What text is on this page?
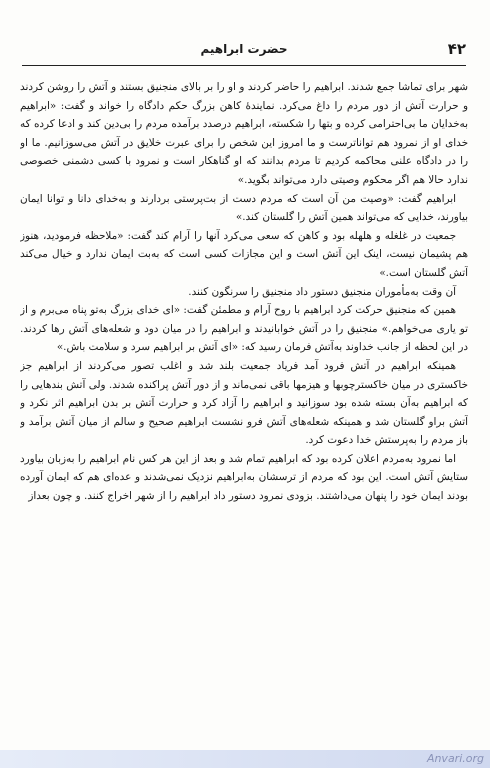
۴۲
حضرت ابراهیم

شهر برای تماشا جمع شدند. ابراهیم را حاضر کردند و او را بر بالای منجنیق بستند و آتش را روشن کردند و حرارت آتش از دور مردم را داغ می‌کرد. نمایندهٔ کاهن بزرگ حکم دادگاه را خواند و گفت: «ابراهیم به‌خدایان ما بی‌احترامی کرده و بتها را شکسته، ابراهیم درصدد برآمده مردم را بی‌دین کند و ادعا کرده که خدای او از نمرود هم تواناترست و ما امروز این شخص را برای عبرت خلایق در آتش می‌سوزانیم. ما او را در دادگاه علنی محاکمه کردیم تا مردم بدانند که او گناهکار است و نمرود با کسی دشمنی خصوصی ندارد حالا هم اگر محکوم وصیتی دارد می‌تواند بگوید.»

ابراهیم گفت: «وصیت من آن است که مردم دست از بت‌پرستی بردارند و به‌خدای دانا و توانا ایمان بیاورند، خدایی که می‌تواند همین آتش را گلستان کند.»

جمعیت در غلغله و هلهله بود و کاهن که سعی می‌کرد آنها را آرام کند گفت: «ملاحظه فرمودید، هنوز هم پشیمان نیست، اینک این آتش است و این مجازات کسی است که به‌بت ایمان ندارد و خیال می‌کند آتش گلستان است.»

آن وقت به‌مأموران منجنیق دستور داد منجنیق را سرنگون کنند.

همین که منجنیق حرکت کرد ابراهیم با روح آرام و مطمئن گفت: «ای خدای بزرگ به‌تو پناه می‌برم و از تو یاری می‌خواهم.» منجنیق را در آتش خوابانیدند و ابراهیم را در میان دود و شعله‌های آتش رها کردند. در این لحظه از جانب خداوند به‌آتش فرمان رسید که: «ای آتش بر ابراهیم سرد و سلامت باش.»

همینکه ابراهیم در آتش فرود آمد فریاد جمعیت بلند شد و اغلب تصور می‌کردند از ابراهیم جز خاکستری در میان خاکسترچوبها و هیزمها باقی نمی‌ماند و از دور آتش پراکنده شدند. ولی آتش بندهایی را که ابراهیم به‌آن بسته شده بود سوزانید و ابراهیم را آزاد کرد و حرارت آتش بر بدن ابراهیم اثر نکرد و آتش براو گلستان شد و همینکه شعله‌های آتش فرو نشست ابراهیم صحیح و سالم از میان آتش برآمد و باز مردم را به‌پرستش خدا دعوت کرد.

اما نمرود به‌مردم اعلان کرده بود که ابراهیم تمام شد و بعد از این هر کس نام ابراهیم را به‌زبان بیاورد ستایش آتش است. این بود که مردم از ترسشان به‌ابراهیم نزدیک نمی‌شدند و عده‌ای هم که ایمان آورده بودند ایمان خود را پنهان می‌داشتند. بزودی نمرود دستور داد ابراهیم را از شهر اخراج کنند. و چون بعداز

Anvari.org
